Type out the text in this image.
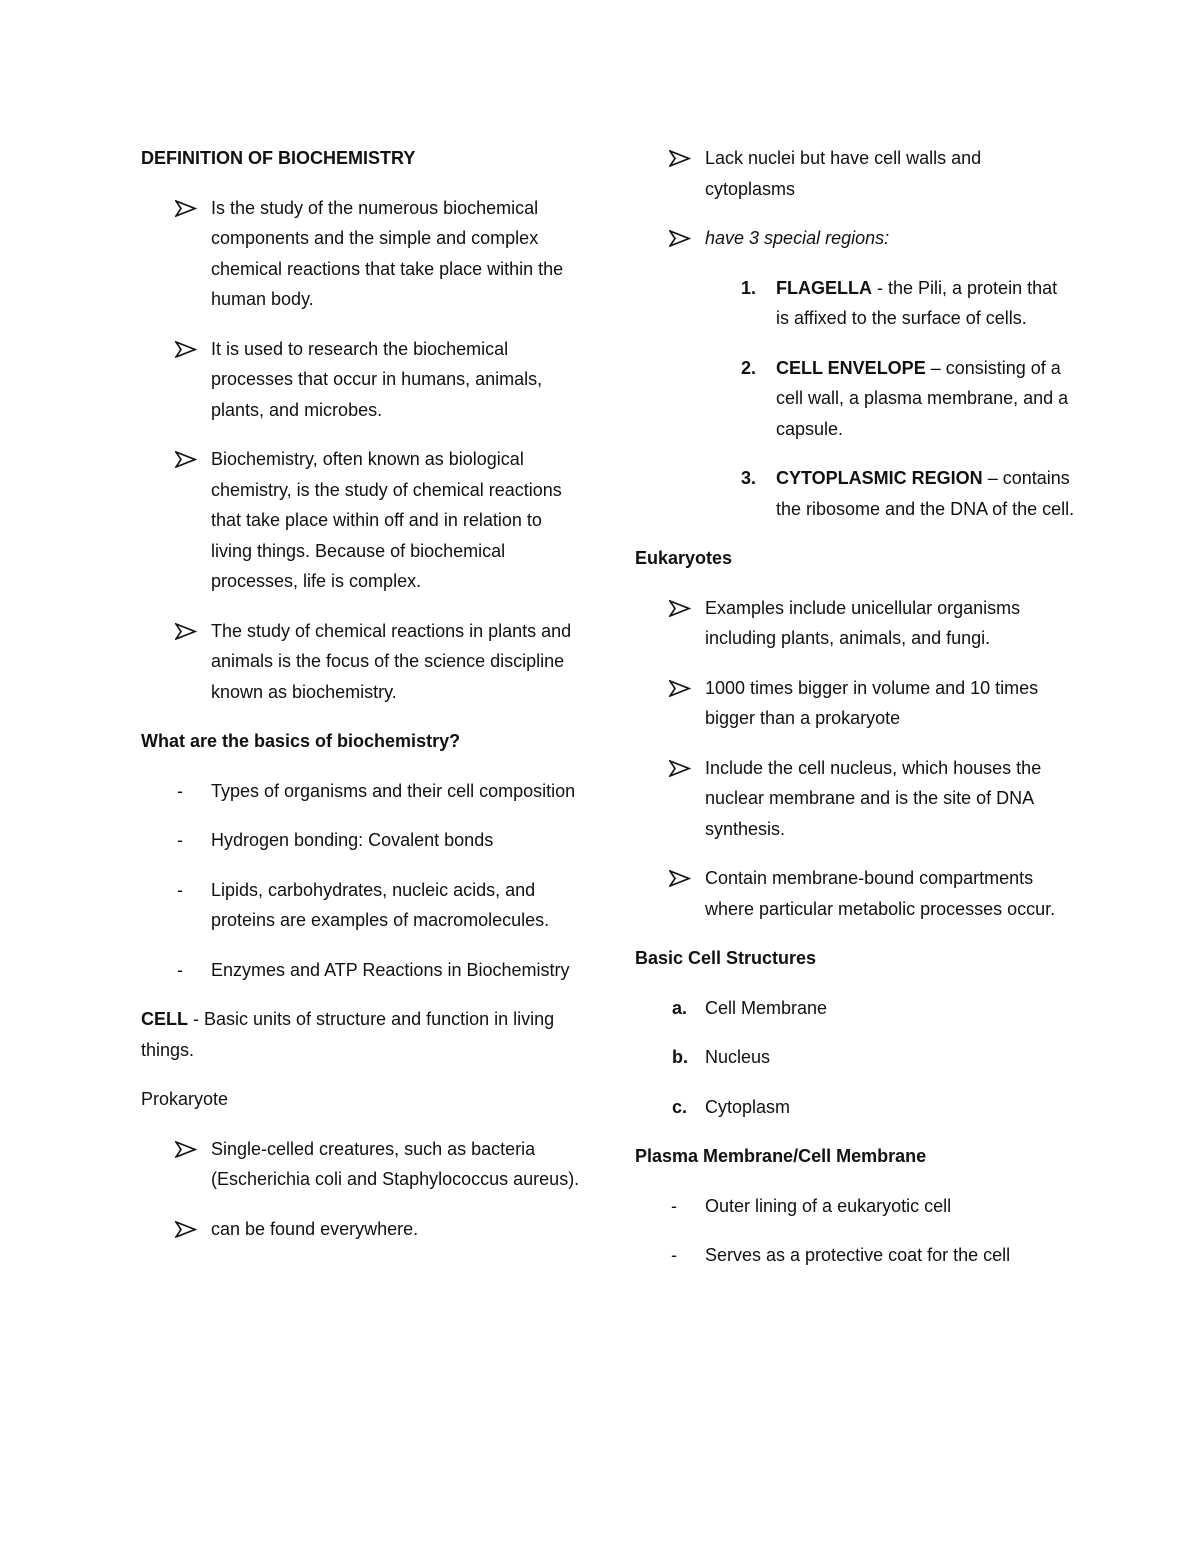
DEFINITION OF BIOCHEMISTRY
Is the study of the numerous biochemical components and the simple and complex chemical reactions that take place within the human body.
It is used to research the biochemical processes that occur in humans, animals, plants, and microbes.
Biochemistry, often known as biological chemistry, is the study of chemical reactions that take place within off and in relation to living things. Because of biochemical processes, life is complex.
The study of chemical reactions in plants and animals is the focus of the science discipline known as biochemistry.
What are the basics of biochemistry?
-	Types of organisms and their cell composition
-	Hydrogen bonding: Covalent bonds
-	Lipids, carbohydrates, nucleic acids, and proteins are examples of macromolecules.
-	Enzymes and ATP Reactions in Biochemistry
CELL - Basic units of structure and function in living things.
Prokaryote
Single-celled creatures, such as bacteria (Escherichia coli and Staphylococcus aureus).
can be found everywhere.
Lack nuclei but have cell walls and cytoplasms
have 3 special regions:
1.	FLAGELLA - the Pili, a protein that is affixed to the surface of cells.
2.	CELL ENVELOPE – consisting of a cell wall, a plasma membrane, and a capsule.
3.	CYTOPLASMIC REGION – contains the ribosome and the DNA of the cell.
Eukaryotes
Examples include unicellular organisms including plants, animals, and fungi.
1000 times bigger in volume and 10 times bigger than a prokaryote
Include the cell nucleus, which houses the nuclear membrane and is the site of DNA synthesis.
Contain membrane-bound compartments where particular metabolic processes occur.
Basic Cell Structures
a. Cell Membrane
b. Nucleus
c. Cytoplasm
Plasma Membrane/Cell Membrane
-	Outer lining of a eukaryotic cell
-	Serves as a protective coat for the cell
